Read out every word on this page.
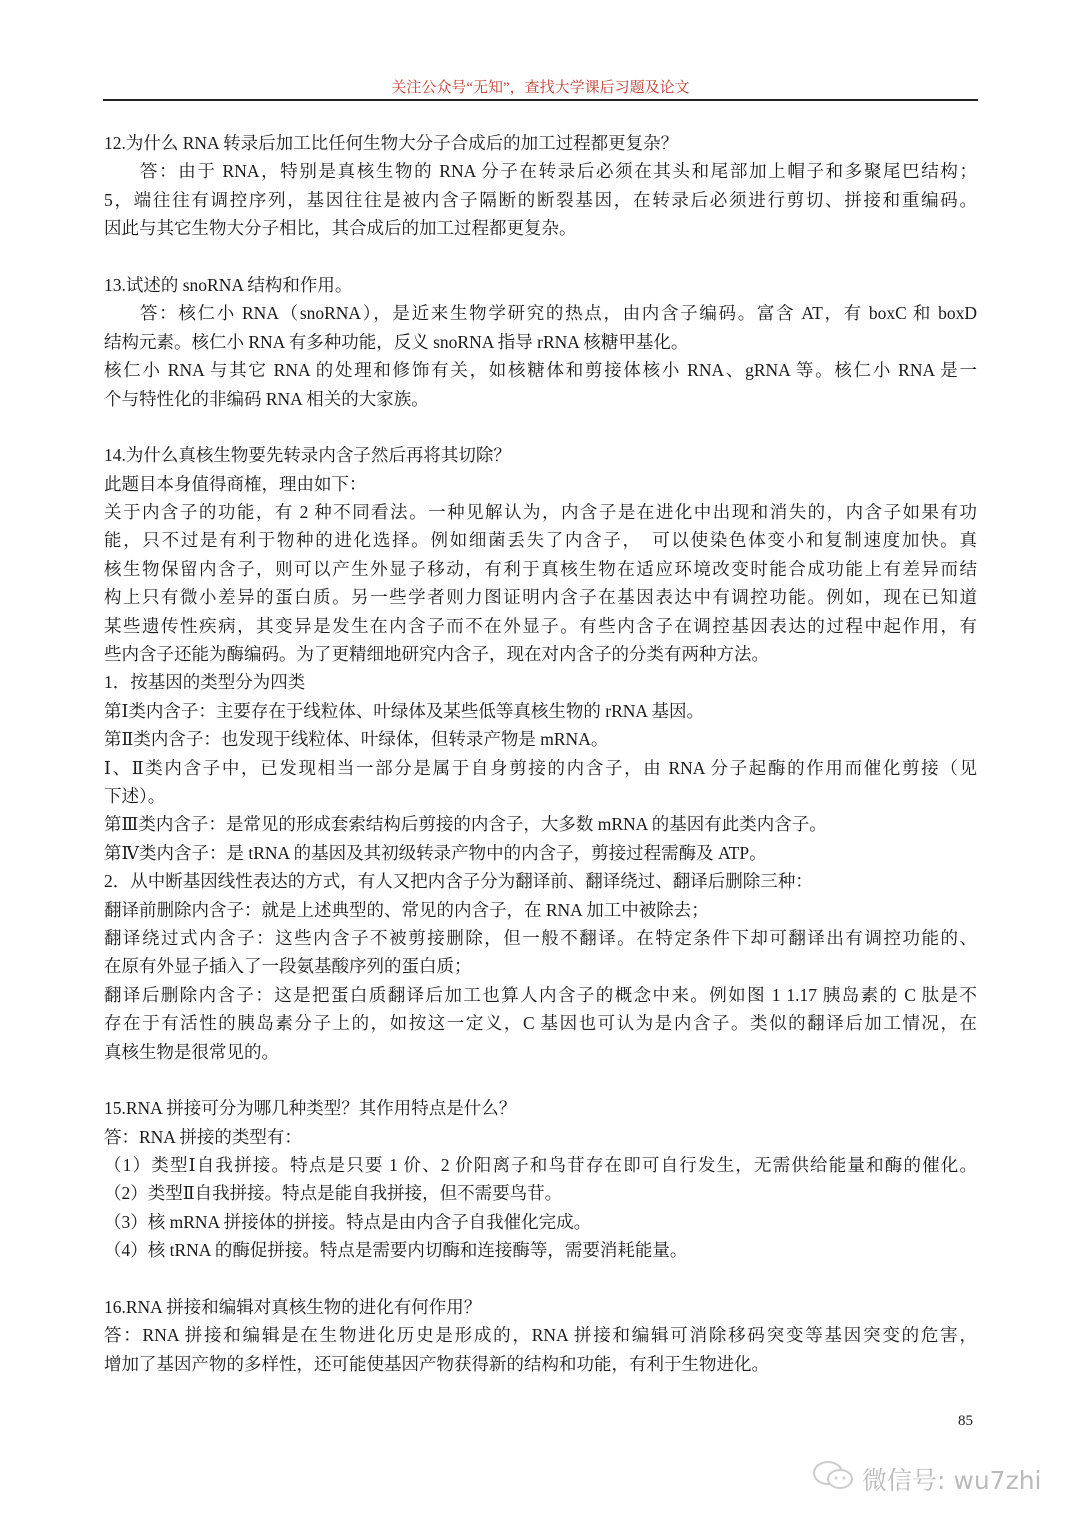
关注公众号“无知”，查找大学课后习题及论文
12.为什么 RNA 转录后加工比任何生物大分子合成后的加工过程都更复杂？
答：由于 RNA，特别是真核生物的 RNA 分子在转录后必须在其头和尾部加上帽子和多聚尾巴结构；
5，端往往有调控序列，基因往往是被内含子隔断的断裂基因，在转录后必须进行剪切、拼接和重编码。
因此与其它生物大分子相比，其合成后的加工过程都更复杂。
13.试述的 snoRNA 结构和作用。
答：核仁小 RNA（snoRNA），是近来生物学研究的热点，由内含子编码。富含 AT，有 boxC 和 boxD
结构元素。核仁小 RNA 有多种功能，反义 snoRNA 指导 rRNA 核糖甲基化。
核仁小 RNA 与其它 RNA 的处理和修饰有关，如核糖体和剪接体核小 RNA、gRNA 等。核仁小 RNA 是一
个与特性化的非编码 RNA 相关的大家族。
14.为什么真核生物要先转录内含子然后再将其切除？
此题目本身值得商榷，理由如下：
关于内含子的功能，有 2 种不同看法。一种见解认为，内含子是在进化中出现和消失的，内含子如果有功
能，只不过是有利于物种的进化选择。例如细菌丢失了内含子，　可以使染色体变小和复制速度加快。真
核生物保留内含子，则可以产生外显子移动，有利于真核生物在适应环境改变时能合成功能上有差异而结
构上只有微小差异的蛋白质。另一些学者则力图证明内含子在基因表达中有调控功能。例如，现在已知道
某些遗传性疾病，其变异是发生在内含子而不在外显子。有些内含子在调控基因表达的过程中起作用，有
些内含子还能为酶编码。为了更精细地研究内含子，现在对内含子的分类有两种方法。
1．按基因的类型分为四类
第Ⅰ类内含子：主要存在于线粒体、叶绿体及某些低等真核生物的 rRNA 基因。
第Ⅱ类内含子：也发现于线粒体、叶绿体，但转录产物是 mRNA。
Ⅰ、Ⅱ类内含子中，已发现相当一部分是属于自身剪接的内含子，由 RNA 分子起酶的作用而催化剪接（见
下述）。
第Ⅲ类内含子：是常见的形成套索结构后剪接的内含子，大多数 mRNA 的基因有此类内含子。
第Ⅳ类内含子：是 tRNA 的基因及其初级转录产物中的内含子，剪接过程需酶及 ATP。
2．从中断基因线性表达的方式，有人又把内含子分为翻译前、翻译绕过、翻译后删除三种：
翻译前删除内含子：就是上述典型的、常见的内含子，在 RNA 加工中被除去；
翻译绕过式内含子：这些内含子不被剪接删除，但一般不翻译。在特定条件下却可翻译出有调控功能的、
在原有外显子插入了一段氨基酸序列的蛋白质；
翻译后删除内含子：这是把蛋白质翻译后加工也算人内含子的概念中来。例如图 1 1.17 胰岛素的 C 肽是不
存在于有活性的胰岛素分子上的，如按这一定义，C 基因也可认为是内含子。类似的翻译后加工情况，在
真核生物是很常见的。
15.RNA 拼接可分为哪几种类型？其作用特点是什么？
答：RNA 拼接的类型有：
（1）类型Ⅰ自我拼接。特点是只要 1 价、2 价阳离子和鸟苷存在即可自行发生，无需供给能量和酶的催化。
（2）类型Ⅱ自我拼接。特点是能自我拼接，但不需要鸟苷。
（3）核 mRNA 拼接体的拼接。特点是由内含子自我催化完成。
（4）核 tRNA 的酶促拼接。特点是需要内切酶和连接酶等，需要消耗能量。
16.RNA 拼接和编辑对真核生物的进化有何作用？
答：RNA 拼接和编辑是在生物进化历史是形成的，RNA 拼接和编辑可消除移码突变等基因突变的危害，
增加了基因产物的多样性，还可能使基因产物获得新的结构和功能，有利于生物进化。
85
微信号: wu7zhi
